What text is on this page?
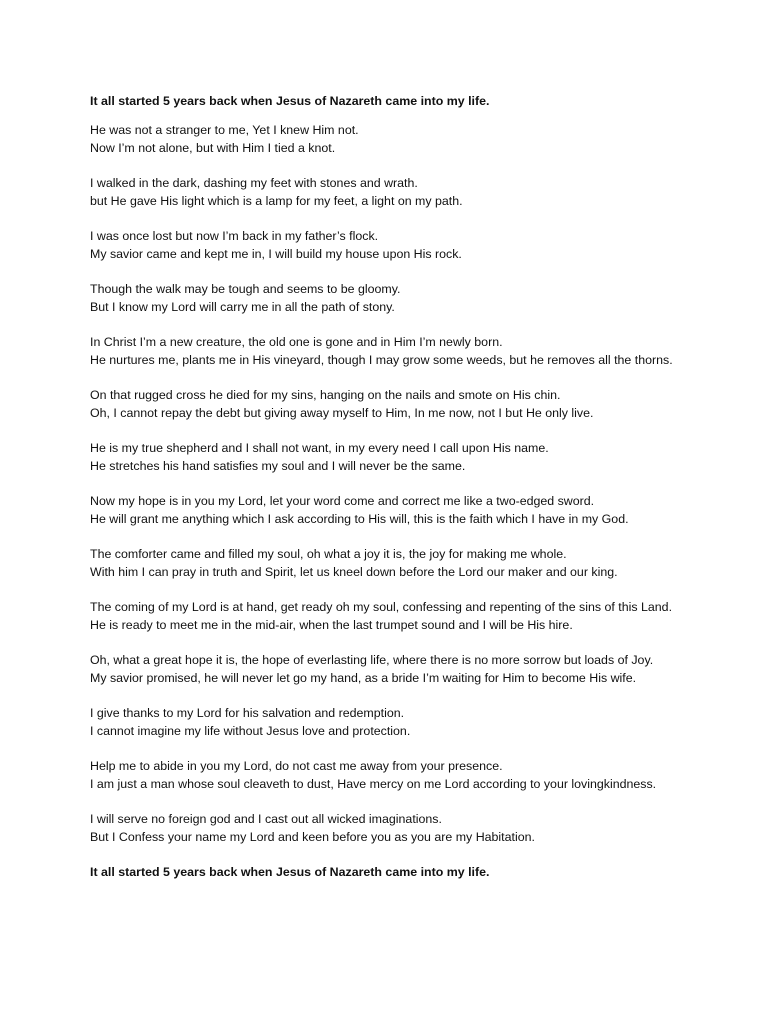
It all started 5 years back when Jesus of Nazareth came into my life.

He was not a stranger to me, Yet I knew Him not.

Now I’m not alone, but with Him I tied a knot.

I walked in the dark, dashing my feet with stones and wrath.

but He gave His light which is a lamp for my feet, a light on my path.

I was once lost but now I’m back in my father’s flock.

My savior came and kept me in, I will build my house upon His rock.

Though the walk may be tough and seems to be gloomy.

But I know my Lord will carry me in all the path of stony.

In Christ I’m a new creature, the old one is gone and in Him I’m newly born.

He nurtures me, plants me in His vineyard, though I may grow some weeds, but he removes all the thorns.

On that rugged cross he died for my sins, hanging on the nails and smote on His chin.

Oh, I cannot repay the debt but giving away myself to Him, In me now, not I but He only live.

He is my true shepherd and I shall not want, in my every need I call upon His name.

He stretches his hand satisfies my soul and I will never be the same.

Now my hope is in you my Lord, let your word come and correct me like a two-edged sword.

He will grant me anything which I ask according to His will, this is the faith which I have in my God.

The comforter came and filled my soul, oh what a joy it is, the joy for making me whole.

With him I can pray in truth and Spirit, let us kneel down before the Lord our maker and our king.

The coming of my Lord is at hand, get ready oh my soul, confessing and repenting of the sins of this Land.

He is ready to meet me in the mid-air, when the last trumpet sound and I will be His hire.

Oh, what a great hope it is, the hope of everlasting life, where there is no more sorrow but loads of Joy.

My savior promised, he will never let go my hand, as a bride I’m waiting for Him to become His wife.

I give thanks to my Lord for his salvation and redemption.

I cannot imagine my life without Jesus love and protection.

Help me to abide in you my Lord, do not cast me away from your presence.

I am just a man whose soul cleaveth to dust, Have mercy on me Lord according to your lovingkindness.

I will serve no foreign god and I cast out all wicked imaginations.

But I Confess your name my Lord and keen before you as you are my Habitation.

It all started 5 years back when Jesus of Nazareth came into my life.
